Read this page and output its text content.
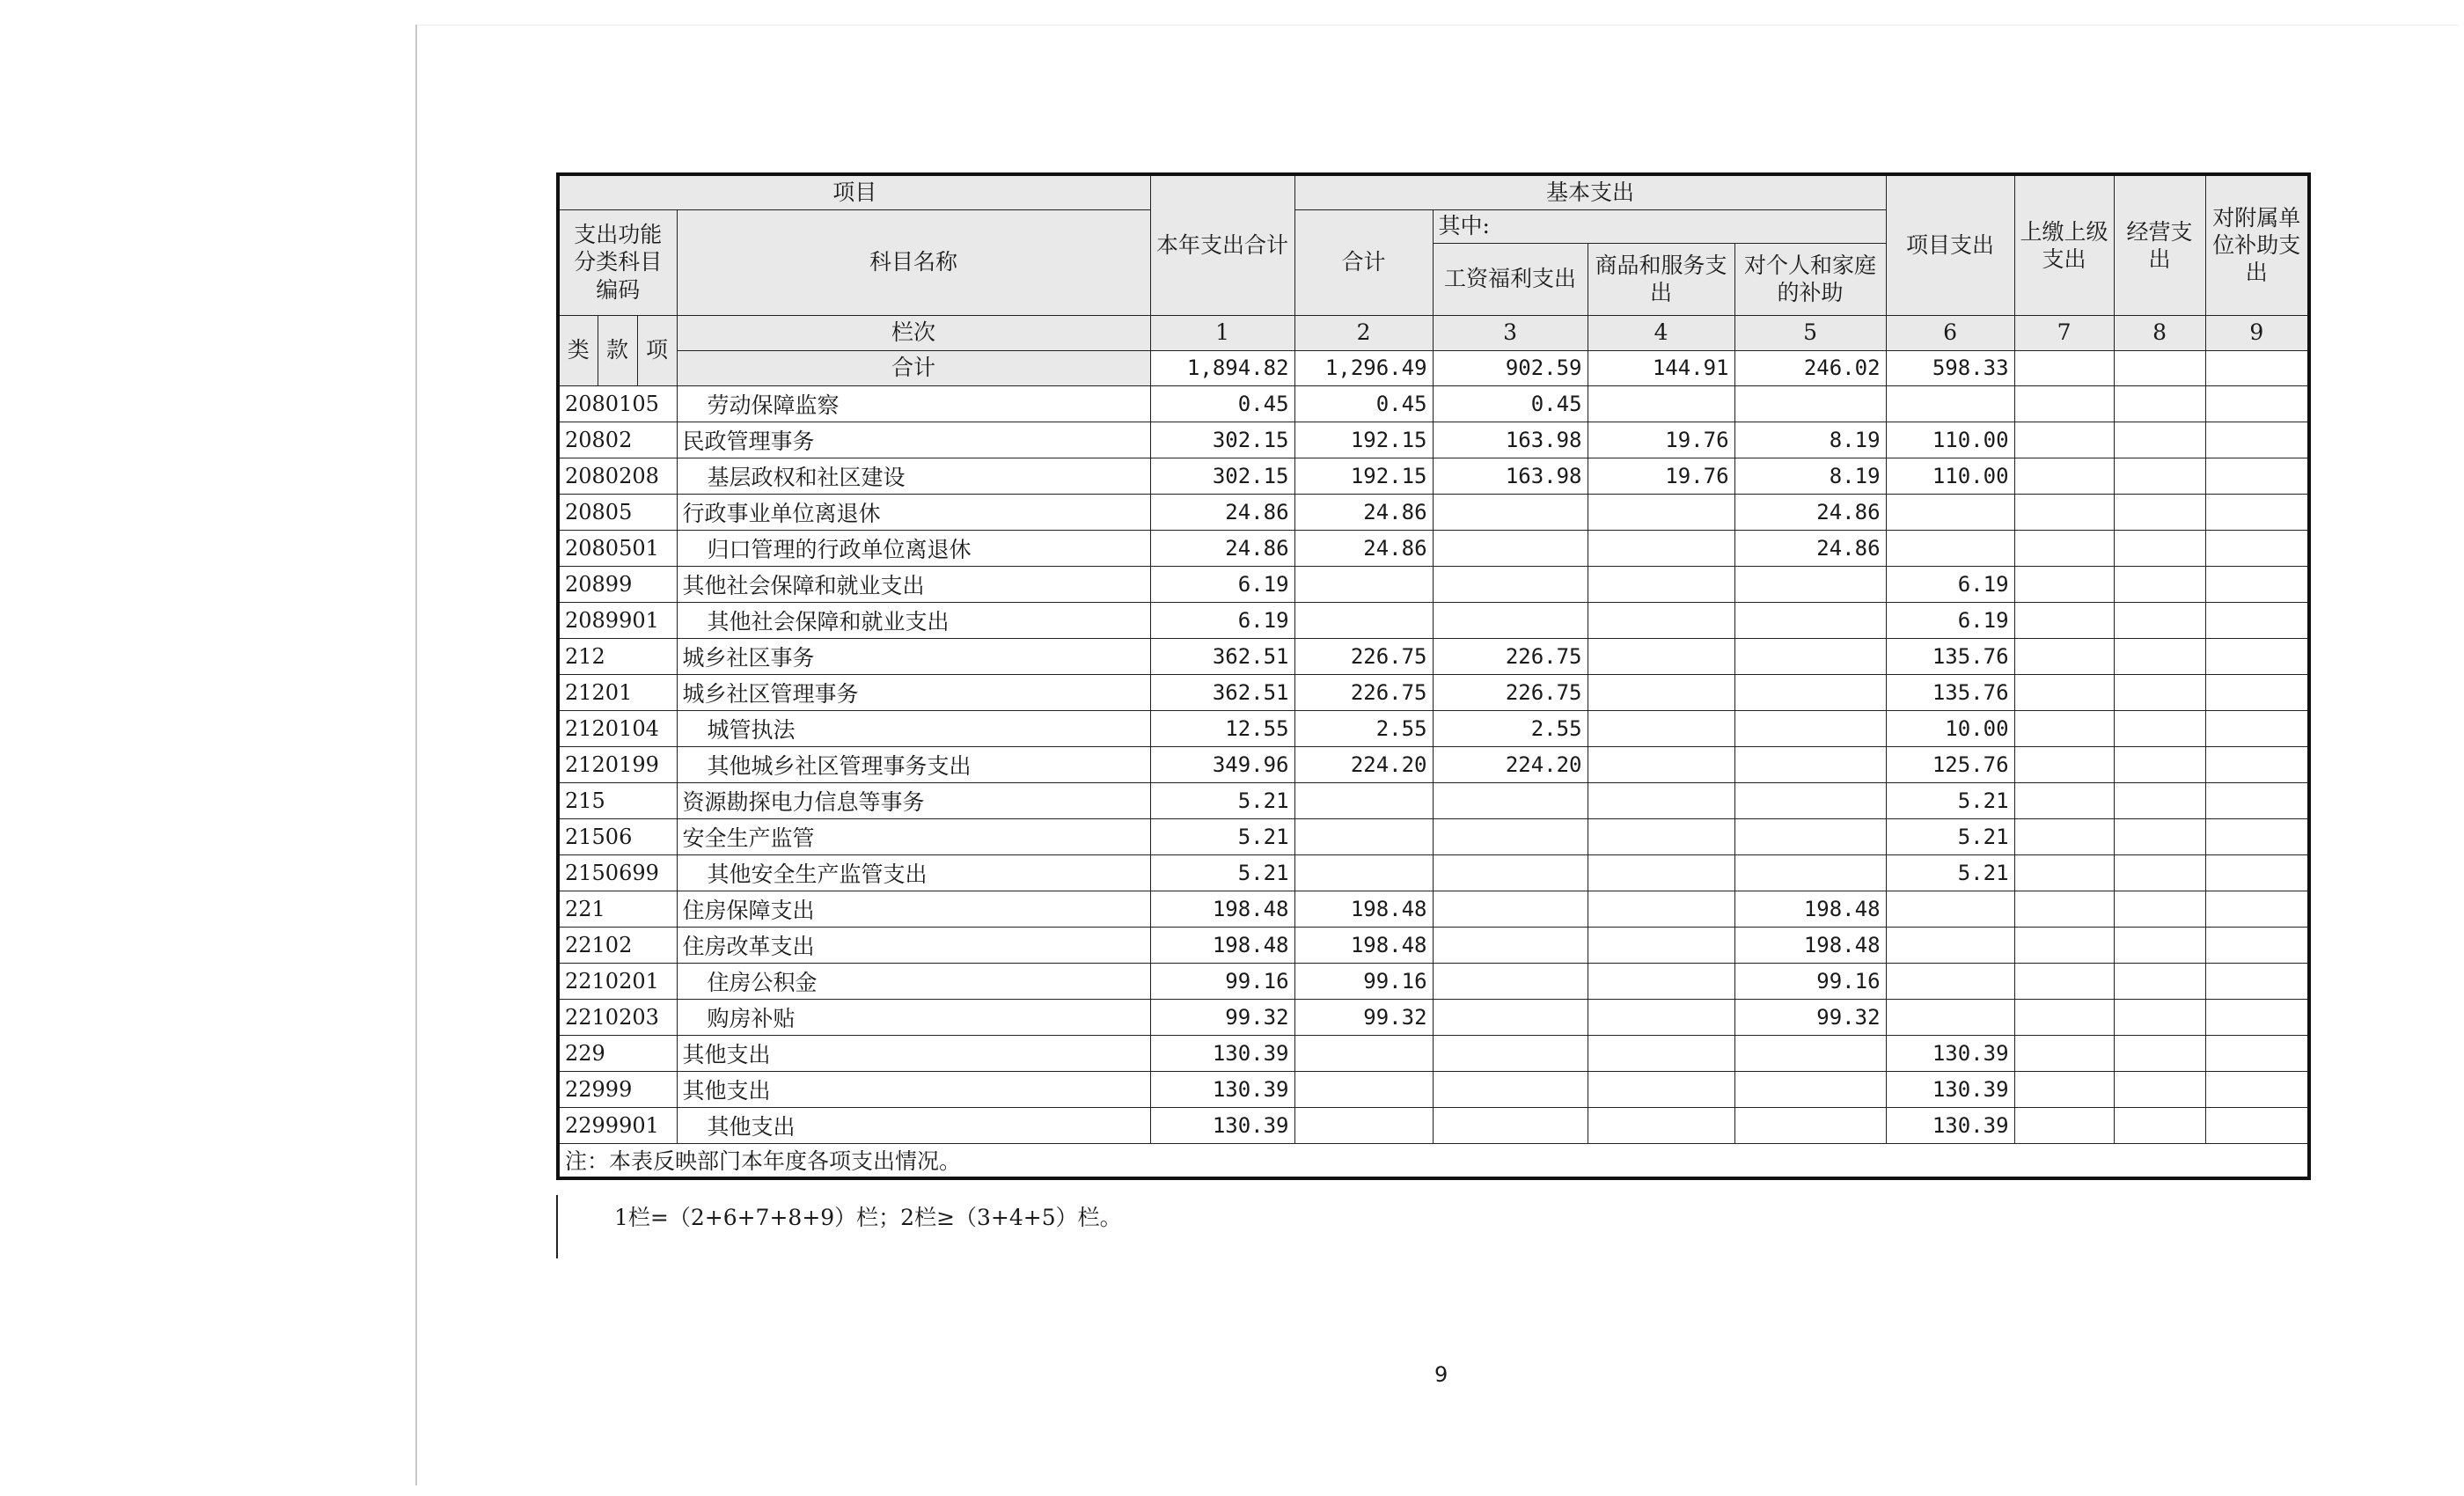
项目				本年支出合计	基本支出				项目支出	上缴上级支出	经营支出	对附属单位补助支出
支出功能分类科目编码			科目名称		合计	其中:						
						工资福利支出	商品和服务支出	对个人和家庭的补助				
类	款	项	栏次	1	2	3	4	5	6	7	8	9
			合计	1,894.82	1,296.49	902.59	144.91	246.02	598.33			
2080105			劳动保障监察	0.45	0.45	0.45						
20802			民政管理事务	302.15	192.15	163.98	19.76	8.19	110.00			
2080208			基层政权和社区建设	302.15	192.15	163.98	19.76	8.19	110.00			
20805			行政事业单位离退休	24.86	24.86			24.86				
2080501			归口管理的行政单位离退休	24.86	24.86			24.86				
20899			其他社会保障和就业支出	6.19					6.19			
2089901			其他社会保障和就业支出	6.19					6.19			
212			城乡社区事务	362.51	226.75	226.75			135.76			
21201			城乡社区管理事务	362.51	226.75	226.75			135.76			
2120104			城管执法	12.55	2.55	2.55			10.00			
2120199			其他城乡社区管理事务支出	349.96	224.20	224.20			125.76			
215			资源勘探电力信息等事务	5.21					5.21			
21506			安全生产监管	5.21					5.21			
2150699			其他安全生产监管支出	5.21					5.21			
221			住房保障支出	198.48	198.48			198.48				
22102			住房改革支出	198.48	198.48			198.48				
2210201			住房公积金	99.16	99.16			99.16				
2210203			购房补贴	99.32	99.32			99.32				
229			其他支出	130.39					130.39			
22999			其他支出	130.39					130.39			
2299901			其他支出	130.39					130.39			
注：本表反映部门本年度各项支出情况。												
1栏=（2+6+7+8+9）栏；2栏≥（3+4+5）栏。
9
